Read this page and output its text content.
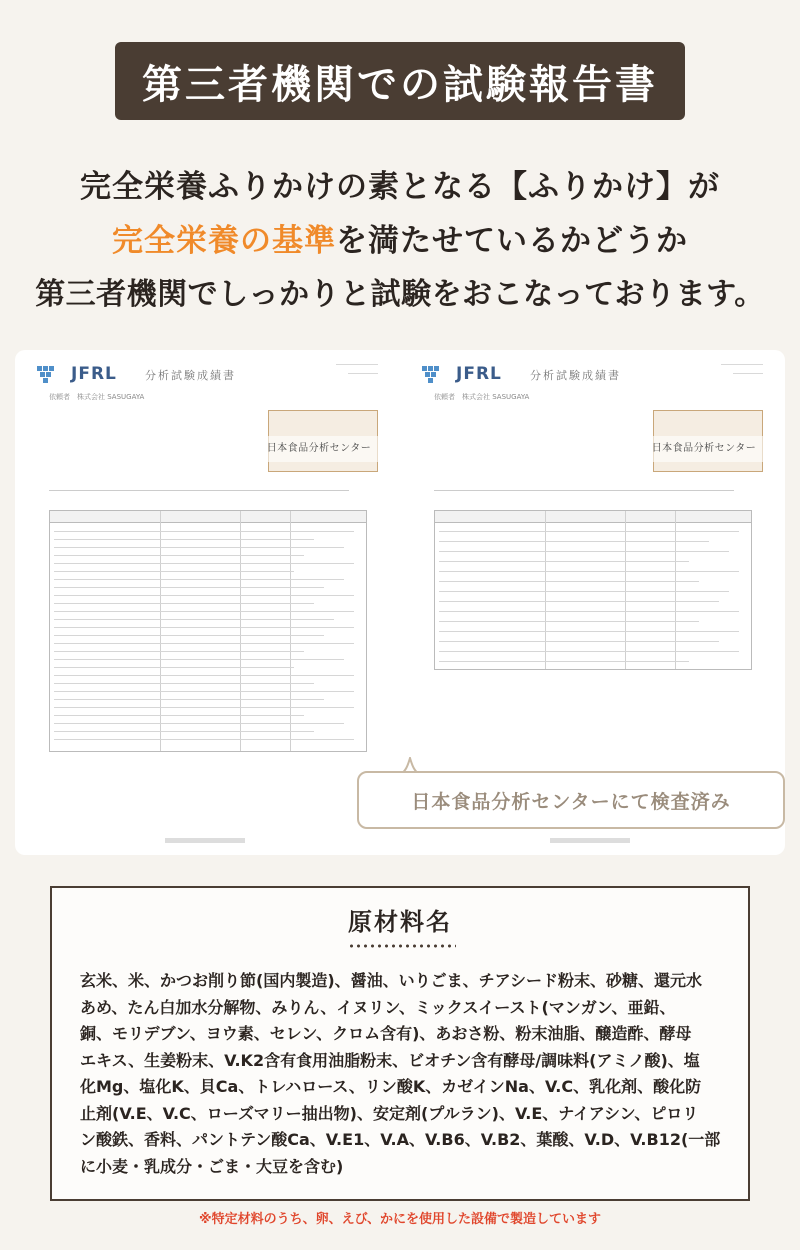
第三者機関での試験報告書
完全栄養ふりかけの素となる【ふりかけ】が
完全栄養の基準を満たせているかどうか
第三者機関でしっかりと試験をおこなっております。
JFRL	分析試験成績書
―――――――
―――――
依頼者　 株式会社 SASUGAYA
日本食品分析センター
JFRL	分析試験成績書
―――――――
―――――
依頼者　 株式会社 SASUGAYA
日本食品分析センター
日本食品分析センターにて検査済み
原材料名
玄米、米、かつお削り節(国内製造)、醤油、いりごま、チアシード粉末、砂糖、還元水
あめ、たん白加水分解物、みりん、イヌリン、ミックスイースト(マンガン、亜鉛、
銅、モリデブン、ヨウ素、セレン、クロム含有)、あおさ粉、粉末油脂、醸造酢、酵母
エキス、生姜粉末、V.K2含有食用油脂粉末、ビオチン含有酵母/調味料(アミノ酸)、塩
化Mg、塩化K、貝Ca、トレハロース、リン酸K、カゼインNa、V.C、乳化剤、酸化防
止剤(V.E、V.C、ローズマリー抽出物)、安定剤(プルラン)、V.E、ナイアシン、ピロリ
ン酸鉄、香料、パントテン酸Ca、V.E1、V.A、V.B6、V.B2、葉酸、V.D、V.B12(一部
に小麦・乳成分・ごま・大豆を含む)
※特定材料のうち、卵、えび、かにを使用した設備で製造しています
